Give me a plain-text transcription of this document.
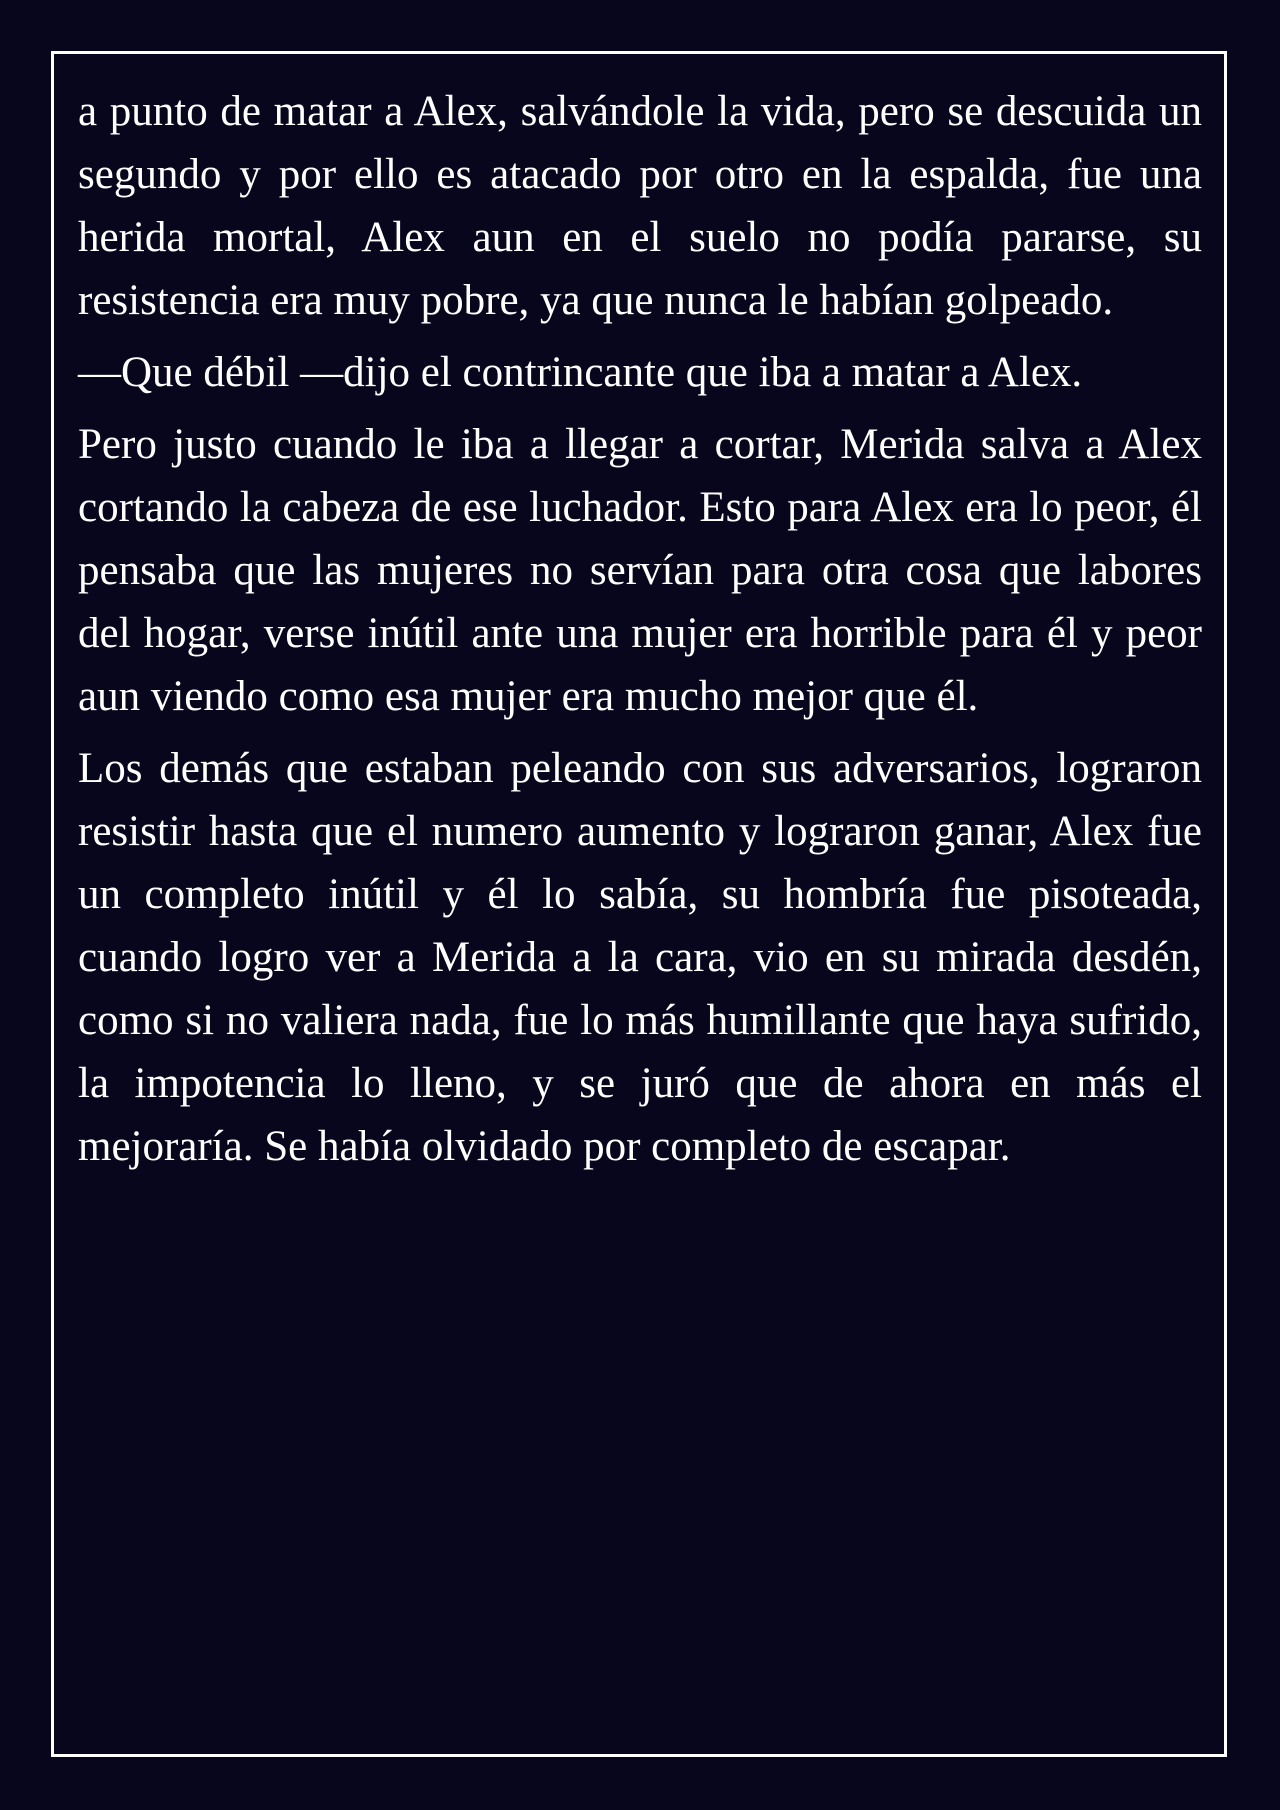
a punto de matar a Alex, salvándole la vida, pero se descuida un segundo y por ello es atacado por otro en la espalda, fue una herida mortal, Alex aun en el suelo no podía pararse, su resistencia era muy pobre, ya que nunca le habían golpeado.

—Que débil —dijo el contrincante que iba a matar a Alex.

Pero justo cuando le iba a llegar a cortar, Merida salva a Alex cortando la cabeza de ese luchador. Esto para Alex era lo peor, él pensaba que las mujeres no servían para otra cosa que labores del hogar, verse inútil ante una mujer era horrible para él y peor aun viendo como esa mujer era mucho mejor que él.

Los demás que estaban peleando con sus adversarios, lograron resistir hasta que el numero aumento y lograron ganar, Alex fue un completo inútil y él lo sabía, su hombría fue pisoteada, cuando logro ver a Merida a la cara, vio en su mirada desdén, como si no valiera nada, fue lo más humillante que haya sufrido, la impotencia lo lleno, y se juró que de ahora en más el mejoraría. Se había olvidado por completo de escapar.
